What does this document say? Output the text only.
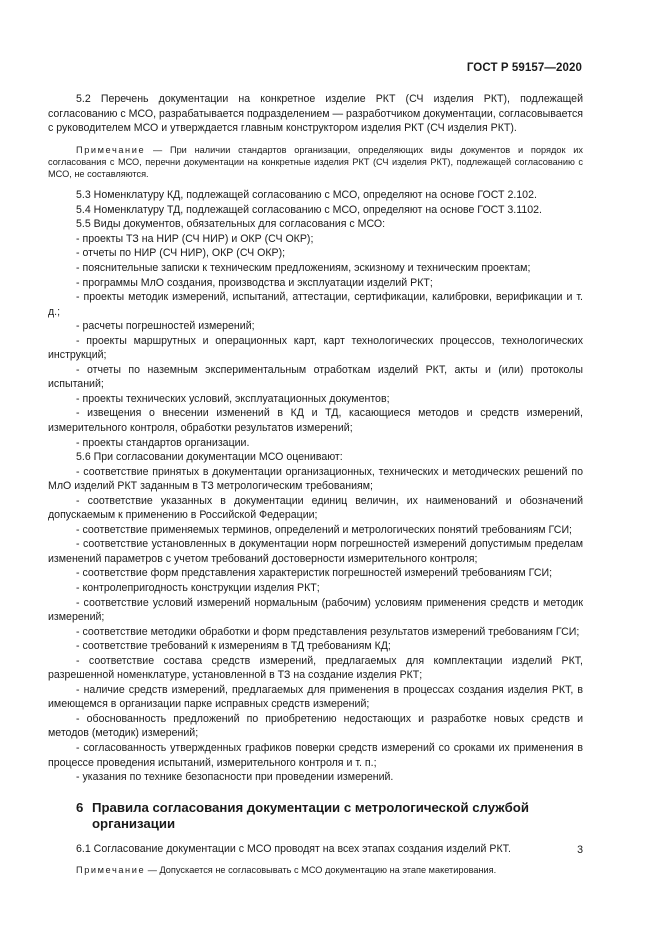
ГОСТ Р 59157—2020

5.2 Перечень документации на конкретное изделие РКТ (СЧ изделия РКТ), подлежащей согласованию с МСО, разрабатывается подразделением — разработчиком документации, согласовывается с руководителем МСО и утверждается главным конструктором изделия РКТ (СЧ изделия РКТ).

Примечание — При наличии стандартов организации, определяющих виды документов и порядок их согласования с МСО, перечни документации на конкретные изделия РКТ (СЧ изделия РКТ), подлежащей согласованию с МСО, не составляются.

5.3 Номенклатуру КД, подлежащей согласованию с МСО, определяют на основе ГОСТ 2.102.

5.4 Номенклатуру ТД, подлежащей согласованию с МСО, определяют на основе ГОСТ 3.1102.

5.5 Виды документов, обязательных для согласования с МСО:

- проекты ТЗ на НИР (СЧ НИР) и ОКР (СЧ ОКР);

- отчеты по НИР (СЧ НИР), ОКР (СЧ ОКР);

- пояснительные записки к техническим предложениям, эскизному и техническим проектам;

- программы МлО создания, производства и эксплуатации изделий РКТ;

- проекты методик измерений, испытаний, аттестации, сертификации, калибровки, верификации и т. д.;

- расчеты погрешностей измерений;

- проекты маршрутных и операционных карт, карт технологических процессов, технологических инструкций;

- отчеты по наземным экспериментальным отработкам изделий РКТ, акты и (или) протоколы испытаний;

- проекты технических условий, эксплуатационных документов;

- извещения о внесении изменений в КД и ТД, касающиеся методов и средств измерений, измерительного контроля, обработки результатов измерений;

- проекты стандартов организации.

5.6 При согласовании документации МСО оценивают:

- соответствие принятых в документации организационных, технических и методических решений по МлО изделий РКТ заданным в ТЗ метрологическим требованиям;

- соответствие указанных в документации единиц величин, их наименований и обозначений допускаемым к применению в Российской Федерации;

- соответствие применяемых терминов, определений и метрологических понятий требованиям ГСИ;

- соответствие установленных в документации норм погрешностей измерений допустимым пределам изменений параметров с учетом требований достоверности измерительного контроля;

- соответствие форм представления характеристик погрешностей измерений требованиям ГСИ;

- контролепригодность конструкции изделия РКТ;

- соответствие условий измерений нормальным (рабочим) условиям применения средств и методик измерений;

- соответствие методики обработки и форм представления результатов измерений требованиям ГСИ;

- соответствие требований к измерениям в ТД требованиям КД;

- соответствие состава средств измерений, предлагаемых для комплектации изделий РКТ, разрешенной номенклатуре, установленной в ТЗ на создание изделия РКТ;

- наличие средств измерений, предлагаемых для применения в процессах создания изделия РКТ, в имеющемся в организации парке исправных средств измерений;

- обоснованность предложений по приобретению недостающих и разработке новых средств и методов (методик) измерений;

- согласованность утвержденных графиков поверки средств измерений со сроками их применения в процессе проведения испытаний, измерительного контроля и т. п.;

- указания по технике безопасности при проведении измерений.

6 Правила согласования документации с метрологической службой организации

6.1 Согласование документации с МСО проводят на всех этапах создания изделий РКТ.

Примечание — Допускается не согласовывать с МСО документацию на этапе макетирования.

3
